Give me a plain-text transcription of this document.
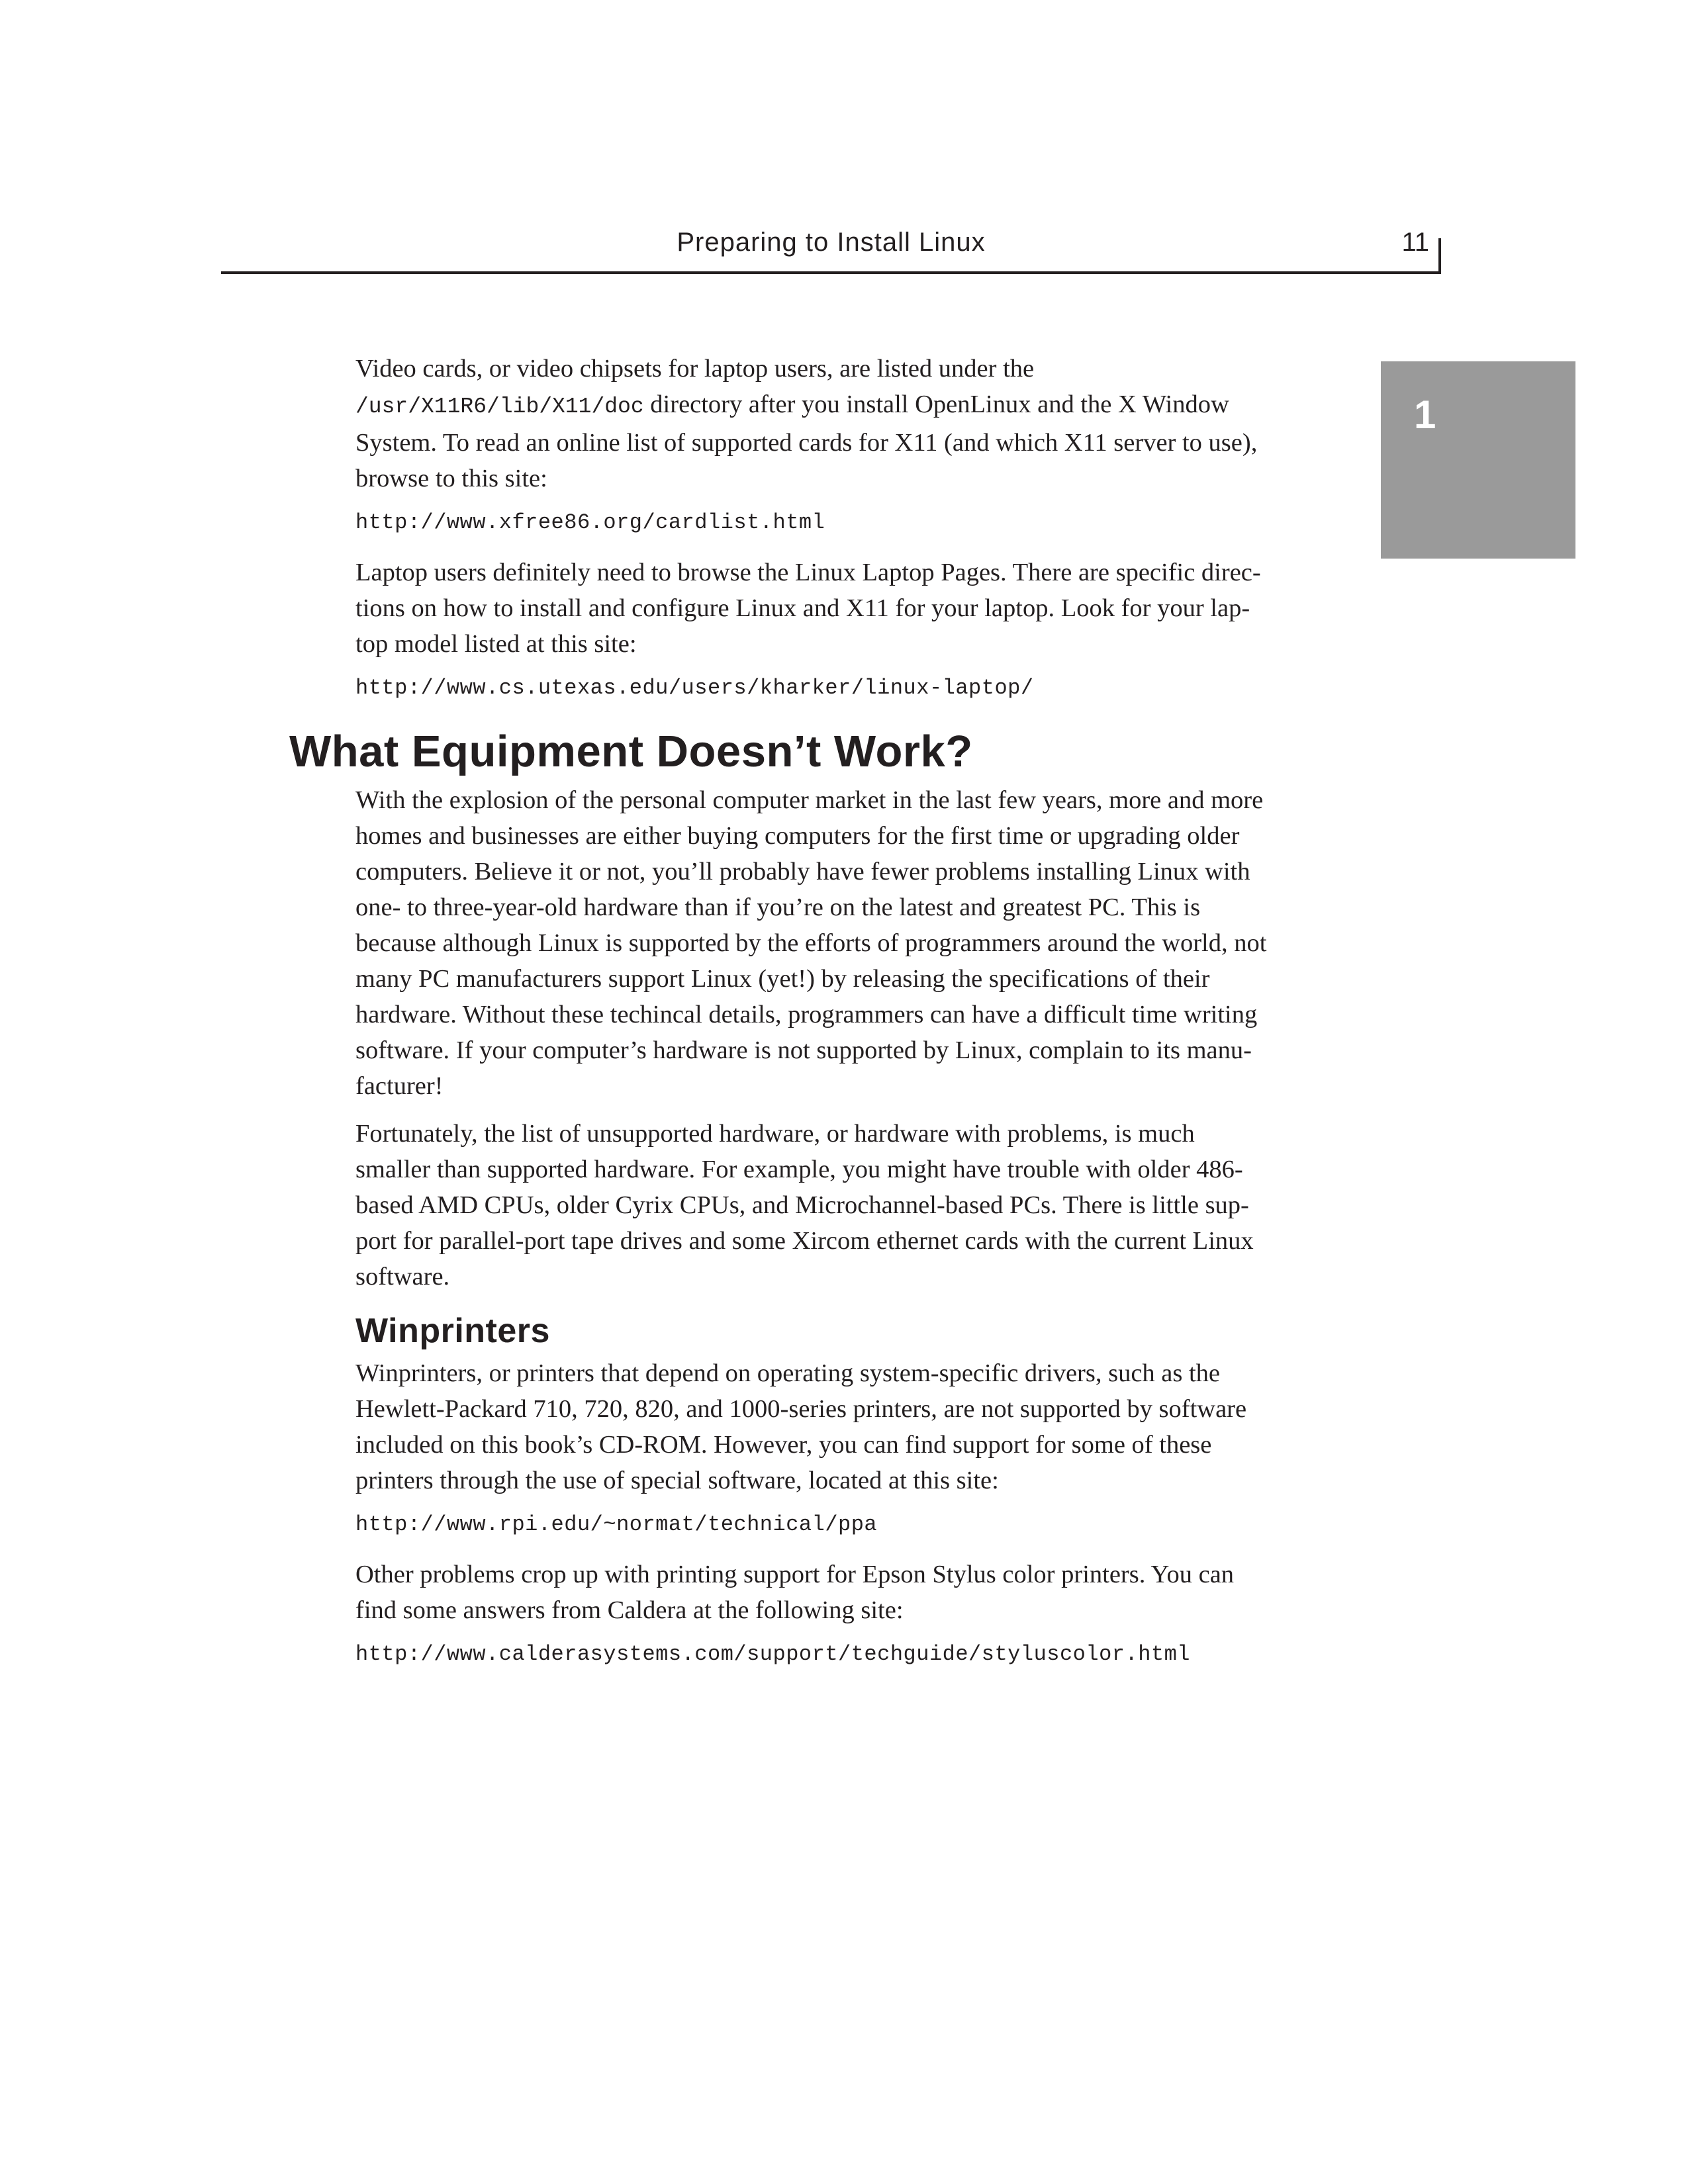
Preparing to Install Linux	11
1
Video cards, or video chipsets for laptop users, are listed under the
/usr/X11R6/lib/X11/doc directory after you install OpenLinux and the X Window
System. To read an online list of supported cards for X11 (and which X11 server to use),
browse to this site:
http://www.xfree86.org/cardlist.html
Laptop users definitely need to browse the Linux Laptop Pages. There are specific direc-
tions on how to install and configure Linux and X11 for your laptop. Look for your lap-
top model listed at this site:
http://www.cs.utexas.edu/users/kharker/linux-laptop/
What Equipment Doesn’t Work?
With the explosion of the personal computer market in the last few years, more and more
homes and businesses are either buying computers for the first time or upgrading older
computers. Believe it or not, you’ll probably have fewer problems installing Linux with
one- to three-year-old hardware than if you’re on the latest and greatest PC. This is
because although Linux is supported by the efforts of programmers around the world, not
many PC manufacturers support Linux (yet!) by releasing the specifications of their
hardware. Without these techincal details, programmers can have a difficult time writing
software. If your computer’s hardware is not supported by Linux, complain to its manu-
facturer!
Fortunately, the list of unsupported hardware, or hardware with problems, is much
smaller than supported hardware. For example, you might have trouble with older 486-
based AMD CPUs, older Cyrix CPUs, and Microchannel-based PCs. There is little sup-
port for parallel-port tape drives and some Xircom ethernet cards with the current Linux
software.
Winprinters
Winprinters, or printers that depend on operating system-specific drivers, such as the
Hewlett-Packard 710, 720, 820, and 1000-series printers, are not supported by software
included on this book’s CD-ROM. However, you can find support for some of these
printers through the use of special software, located at this site:
http://www.rpi.edu/~normat/technical/ppa
Other problems crop up with printing support for Epson Stylus color printers. You can
find some answers from Caldera at the following site:
http://www.calderasystems.com/support/techguide/styluscolor.html
